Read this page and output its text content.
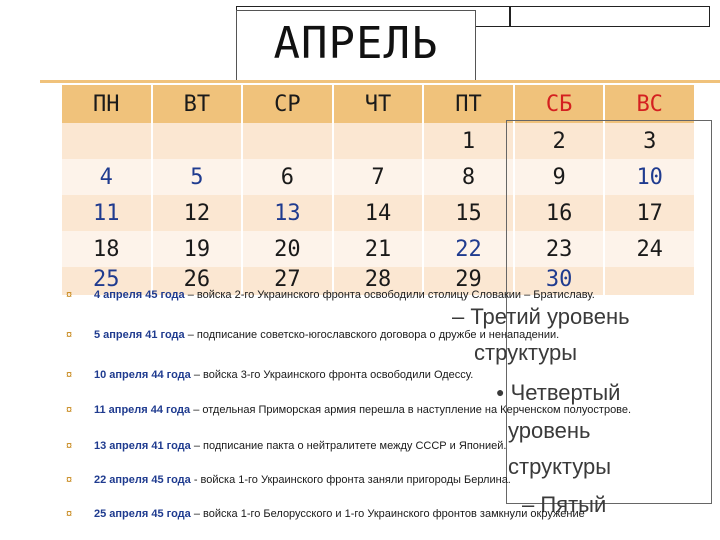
АПРЕЛЬ
ПН	ВТ	СР	ЧТ	ПТ	СБ	ВС
				1	2	3
4	5	6	7	8	9	10
11	12	13	14	15	16	17
18	19	20	21	22	23	24
25	26	27	28	29	30	
– Третий уровень
структуры
● Четвертый
уровень
структуры
– Пятый
¤ 4 апреля 45 года – войска 2-го Украинского фронта освободили столицу Словакии – Братиславу.
¤ 5 апреля 41 года – подписание советско-югославского договора о дружбе и ненападении.
¤ 10 апреля 44 года – войска 3-го Украинского фронта освободили Одессу.
¤ 11 апреля 44 года – отдельная Приморская армия перешла в наступление на Керченском полуострове.
¤ 13 апреля 41 года – подписание пакта о нейтралитете между СССР и Японией.
¤ 22 апреля 45 года - войска 1-го Украинского фронта заняли пригороды Берлина.
¤ 25 апреля 45 года – войска 1-го Белорусского и 1-го Украинского фронтов замкнули окружение
